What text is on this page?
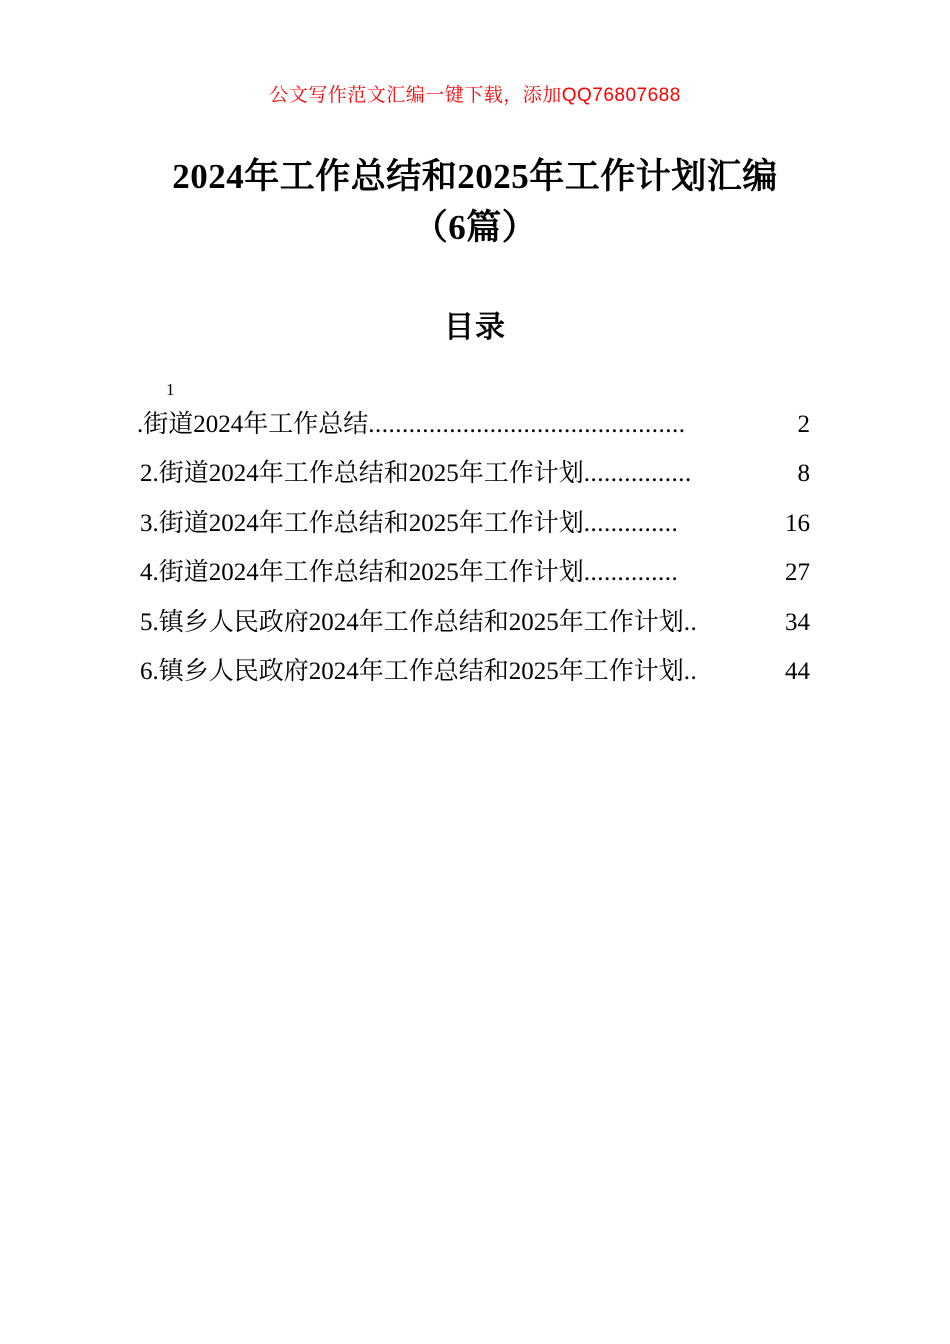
公文写作范文汇编一键下载，添加QQ76807688
2024年工作总结和2025年工作计划汇编
（6篇）
目录
1
.街道2024年工作总结 ...............................................	2
2.街道2024年工作总结和2025年工作计划 ................	8
3.街道2024年工作总结和2025年工作计划 ..............	16
4.街道2024年工作总结和2025年工作计划 ..............	27
5.镇乡人民政府2024年工作总结和2025年工作计划 ..	34
6.镇乡人民政府2024年工作总结和2025年工作计划 ..	44
